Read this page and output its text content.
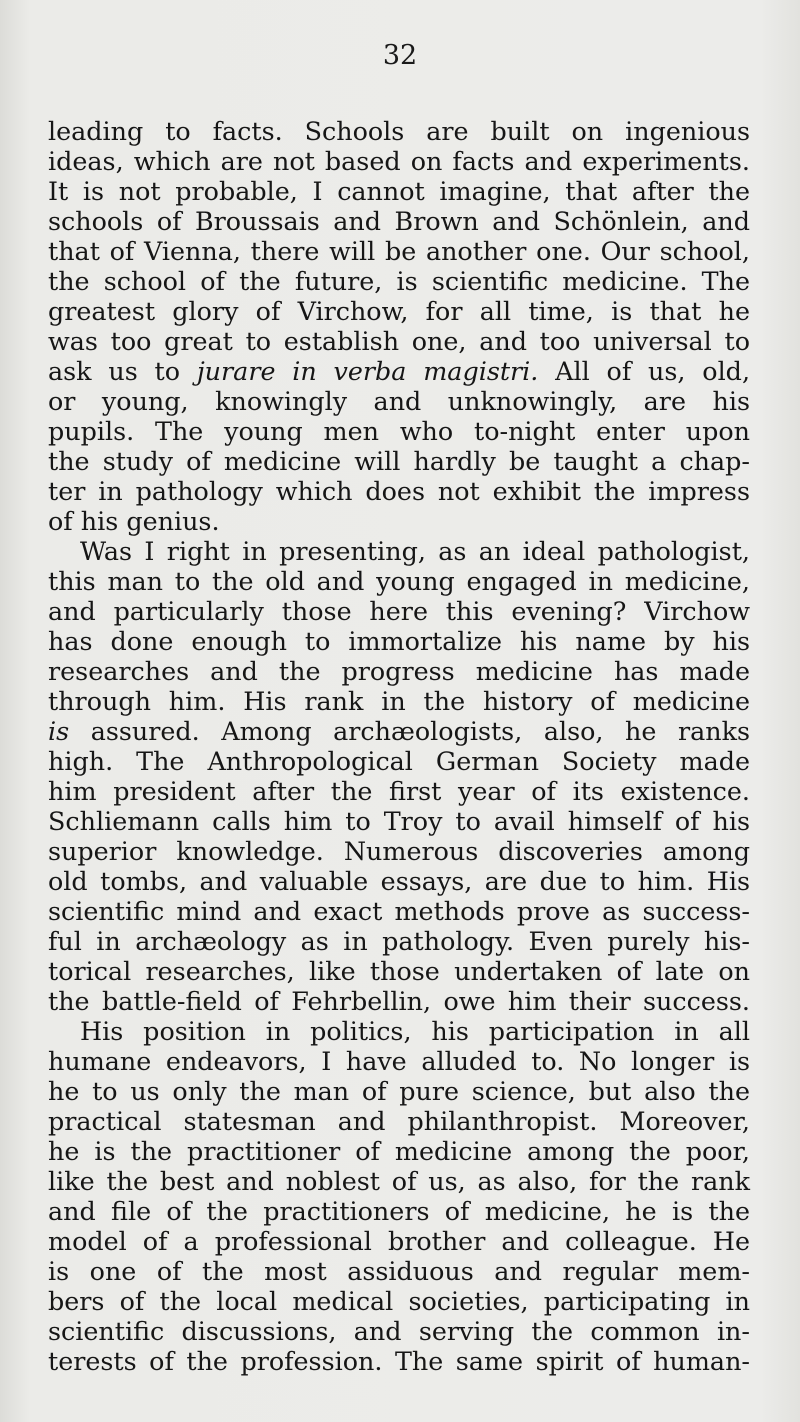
32
leading to facts. Schools are built on ingenious
ideas, which are not based on facts and experiments.
It is not probable, I cannot imagine, that after the
schools of Broussais and Brown and Schönlein, and
that of Vienna, there will be another one. Our school,
the school of the future, is scientific medicine. The
greatest glory of Virchow, for all time, is that he
was too great to establish one, and too universal to
ask us to jurare in verba magistri. All of us, old,
or young, knowingly and unknowingly, are his
pupils. The young men who to-night enter upon
the study of medicine will hardly be taught a chap-
ter in pathology which does not exhibit the impress
of his genius.
Was I right in presenting, as an ideal pathologist,
this man to the old and young engaged in medicine,
and particularly those here this evening? Virchow
has done enough to immortalize his name by his
researches and the progress medicine has made
through him. His rank in the history of medicine
is assured. Among archæologists, also, he ranks
high. The Anthropological German Society made
him president after the first year of its existence.
Schliemann calls him to Troy to avail himself of his
superior knowledge. Numerous discoveries among
old tombs, and valuable essays, are due to him. His
scientific mind and exact methods prove as success-
ful in archæology as in pathology. Even purely his-
torical researches, like those undertaken of late on
the battle-field of Fehrbellin, owe him their success.
His position in politics, his participation in all
humane endeavors, I have alluded to. No longer is
he to us only the man of pure science, but also the
practical statesman and philanthropist. Moreover,
he is the practitioner of medicine among the poor,
like the best and noblest of us, as also, for the rank
and file of the practitioners of medicine, he is the
model of a professional brother and colleague. He
is one of the most assiduous and regular mem-
bers of the local medical societies, participating in
scientific discussions, and serving the common in-
terests of the profession. The same spirit of human-
